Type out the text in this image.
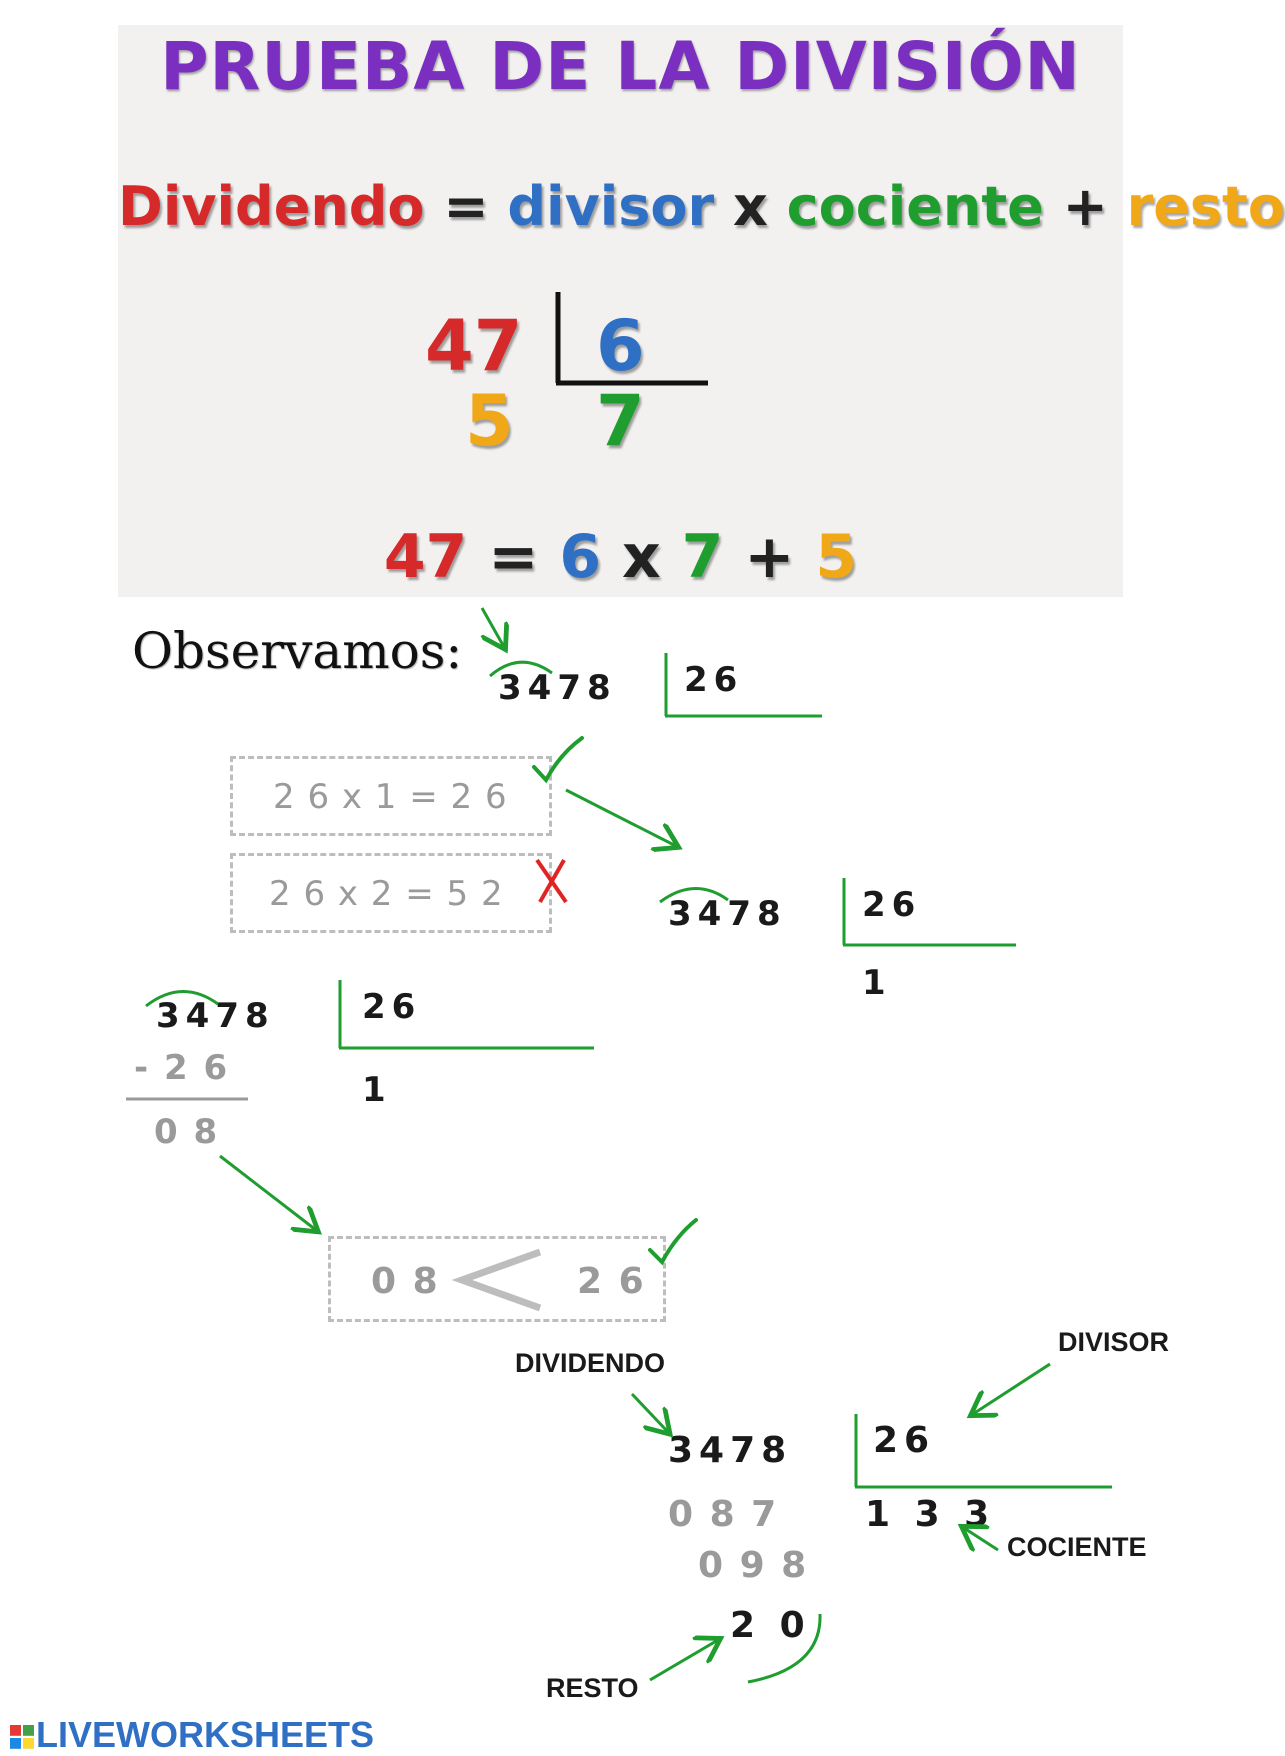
PRUEBA DE LA DIVISIÓN
Dividendo = divisor x cociente + resto
47 6
5 7
47 = 6 x 7 + 5
Observamos:
3478 26
2 6 x 1 = 2 6
2 6 x 2 = 5 2	3478 26
1
3478
- 2 6
0 8
26
1
0 8	2 6
DIVIDENDO
DIVISOR
COCIENTE
RESTO
3478 26
1 3 3
0 8 7
0 9 8
2 0
LIVEWORKSHEETS
